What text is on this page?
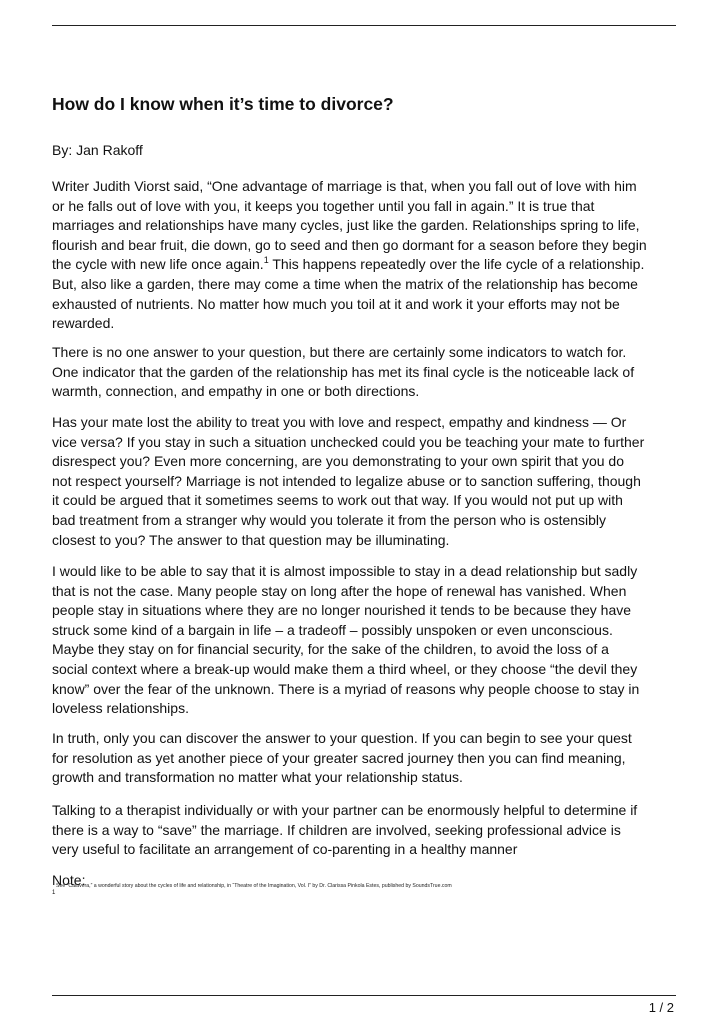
How do I know when it’s time to divorce?
By: Jan Rakoff
Writer Judith Viorst said, “One advantage of marriage is that, when you fall out of love with him
or he falls out of love with you, it keeps you together until you fall in again.” It is true that
marriages and relationships have many cycles, just like the garden. Relationships spring to life,
flourish and bear fruit, die down, go to seed and then go dormant for a season before they begin
the cycle with new life once again.$^1$ This happens repeatedly over the life cycle of a relationship.
But, also like a garden, there may come a time when the matrix of the relationship has become
exhausted of nutrients. No matter how much you toil at it and work it your efforts may not be
rewarded.
There is no one answer to your question, but there are certainly some indicators to watch for.
One indicator that the garden of the relationship has met its final cycle is the noticeable lack of
warmth, connection, and empathy in one or both directions.
Has your mate lost the ability to treat you with love and respect, empathy and kindness — Or
vice versa? If you stay in such a situation unchecked could you be teaching your mate to further
disrespect you? Even more concerning, are you demonstrating to your own spirit that you do
not respect yourself? Marriage is not intended to legalize abuse or to sanction suffering, though
it could be argued that it sometimes seems to work out that way. If you would not put up with
bad treatment from a stranger why would you tolerate it from the person who is ostensibly
closest to you? The answer to that question may be illuminating.
I would like to be able to say that it is almost impossible to stay in a dead relationship but sadly
that is not the case. Many people stay on long after the hope of renewal has vanished. When
people stay in situations where they are no longer nourished it tends to be because they have
struck some kind of a bargain in life – a tradeoff – possibly unspoken or even unconscious.
Maybe they stay on for financial security, for the sake of the children, to avoid the loss of a
social context where a break-up would make them a third wheel, or they choose “the devil they
know” over the fear of the unknown. There is a myriad of reasons why people choose to stay in
loveless relationships.
In truth, only you can discover the answer to your question. If you can begin to see your quest
for resolution as yet another piece of your greater sacred journey then you can find meaning,
growth and transformation no matter what your relationship status.
Talking to a therapist individually or with your partner can be enormously helpful to determine if
there is a way to “save” the marriage. If children are involved, seeking professional advice is
very useful to facilitate an arrangement of co-parenting in a healthy manner
Note:
1
See “Calavera,” a wonderful story about the cycles of life and relationship, in “Theatre of the Imagination, Vol. I” by Dr. Clarissa Pinkola Estes, published by SoundsTrue.com
1 / 2
